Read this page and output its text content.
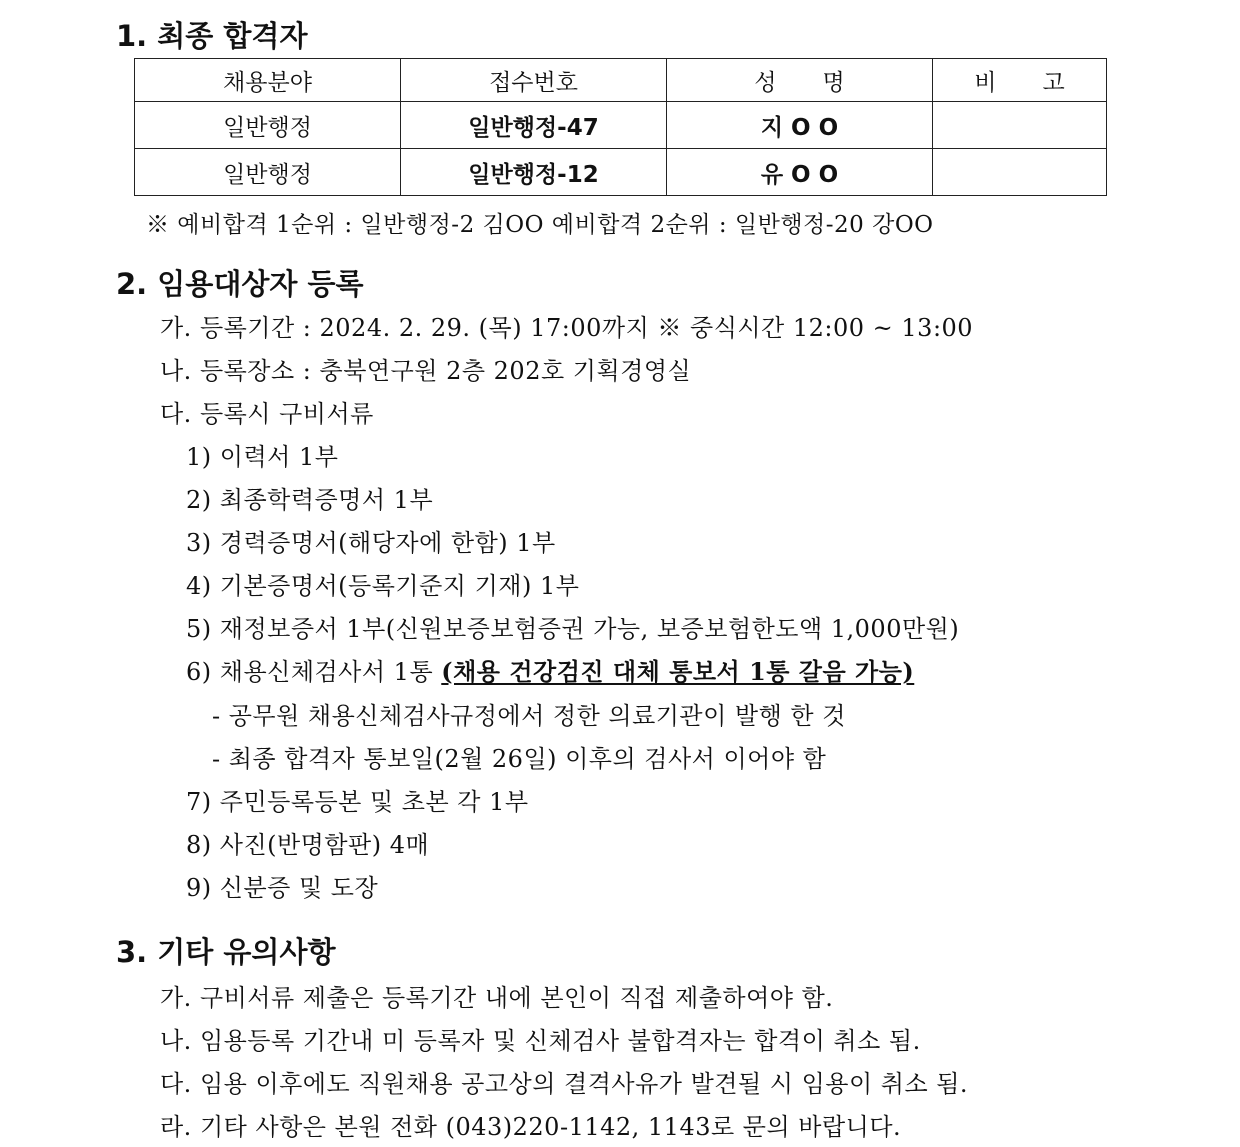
1. 최종 합격자
채용분야	접수번호	성　　명	비　　고
일반행정	일반행정-47	지 O O	
일반행정	일반행정-12	유 O O	
※ 예비합격 1순위 : 일반행정-2 김OO 예비합격 2순위 : 일반행정-20 강OO
2. 임용대상자 등록
가. 등록기간 : 2024. 2. 29. (목) 17:00까지 ※ 중식시간 12:00 ~ 13:00
나. 등록장소 : 충북연구원 2층 202호 기획경영실
다. 등록시 구비서류
1) 이력서 1부
2) 최종학력증명서 1부
3) 경력증명서(해당자에 한함) 1부
4) 기본증명서(등록기준지 기재) 1부
5) 재정보증서 1부(신원보증보험증권 가능, 보증보험한도액 1,000만원)
6) 채용신체검사서 1통 (채용 건강검진 대체 통보서 1통 갈음 가능)
- 공무원 채용신체검사규정에서 정한 의료기관이 발행 한 것
- 최종 합격자 통보일(2월 26일) 이후의 검사서 이어야 함
7) 주민등록등본 및 초본 각 1부
8) 사진(반명함판) 4매
9) 신분증 및 도장
3. 기타 유의사항
가. 구비서류 제출은 등록기간 내에 본인이 직접 제출하여야 함.
나. 임용등록 기간내 미 등록자 및 신체검사 불합격자는 합격이 취소 됨.
다. 임용 이후에도 직원채용 공고상의 결격사유가 발견될 시 임용이 취소 됨.
라. 기타 사항은 본원 전화 (043)220-1142, 1143로 문의 바랍니다.
